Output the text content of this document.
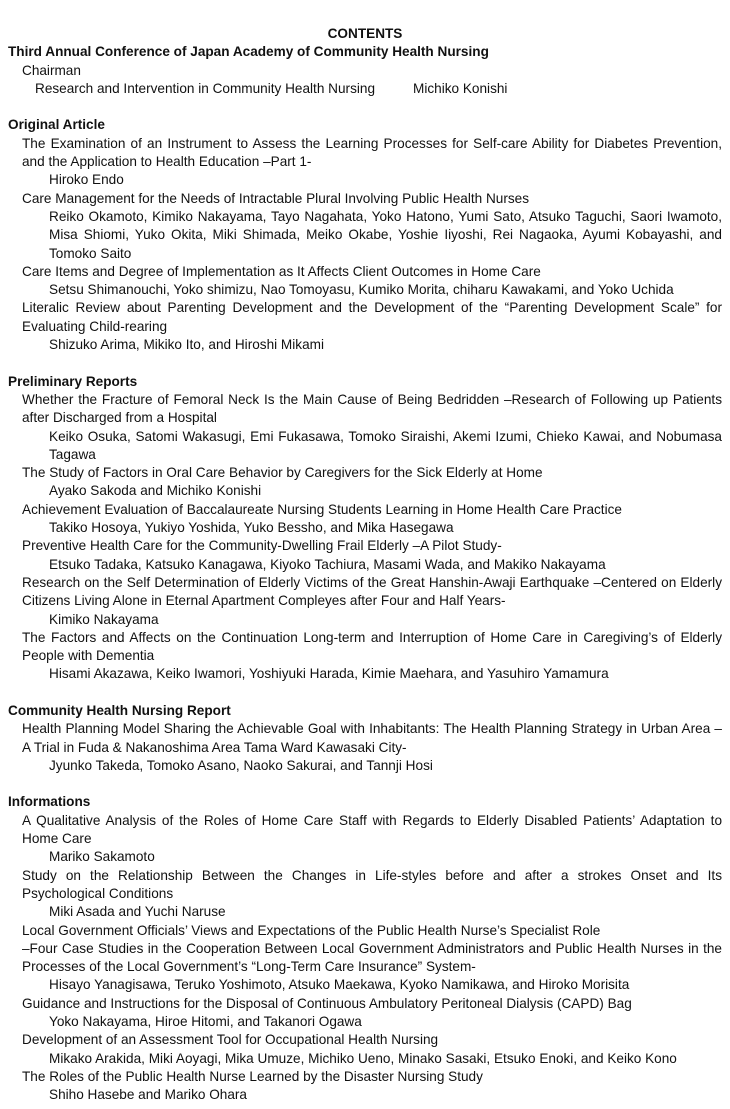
CONTENTS
Third Annual Conference of Japan Academy of Community Health Nursing
Chairman
Research and Intervention in Community Health Nursing	Michiko Konishi
Original Article
The Examination of an Instrument to Assess the Learning Processes for Self-care Ability for Diabetes Prevention, and the Application to Health Education –Part 1-
Hiroko Endo
Care Management for the Needs of Intractable Plural Involving Public Health Nurses
Reiko Okamoto, Kimiko Nakayama, Tayo Nagahata, Yoko Hatono, Yumi Sato, Atsuko Taguchi, Saori Iwamoto, Misa Shiomi, Yuko Okita, Miki Shimada, Meiko Okabe, Yoshie Iiyoshi, Rei Nagaoka, Ayumi Kobayashi, and Tomoko Saito
Care Items and Degree of Implementation as It Affects Client Outcomes in Home Care
Setsu Shimanouchi, Yoko shimizu, Nao Tomoyasu, Kumiko Morita, chiharu Kawakami, and Yoko Uchida
Literalic Review about Parenting Development and the Development of the “Parenting Development Scale” for Evaluating Child-rearing
Shizuko Arima, Mikiko Ito, and Hiroshi Mikami
Preliminary Reports
Whether the Fracture of Femoral Neck Is the Main Cause of Being Bedridden –Research of Following up Patients after Discharged from a Hospital
Keiko Osuka, Satomi Wakasugi, Emi Fukasawa, Tomoko Siraishi, Akemi Izumi, Chieko Kawai, and Nobumasa Tagawa
The Study of Factors in Oral Care Behavior by Caregivers for the Sick Elderly at Home
Ayako Sakoda and Michiko Konishi
Achievement Evaluation of Baccalaureate Nursing Students Learning in Home Health Care Practice
Takiko Hosoya, Yukiyo Yoshida, Yuko Bessho, and Mika Hasegawa
Preventive Health Care for the Community-Dwelling Frail Elderly –A Pilot Study-
Etsuko Tadaka, Katsuko Kanagawa, Kiyoko Tachiura, Masami Wada, and Makiko Nakayama
Research on the Self Determination of Elderly Victims of the Great Hanshin-Awaji Earthquake –Centered on Elderly Citizens Living Alone in Eternal Apartment Compleyes after Four and Half Years-
Kimiko Nakayama
The Factors and Affects on the Continuation Long-term and Interruption of Home Care in Caregiving’s of Elderly People with Dementia
Hisami Akazawa, Keiko Iwamori, Yoshiyuki Harada, Kimie Maehara, and Yasuhiro Yamamura
Community Health Nursing Report
Health Planning Model Sharing the Achievable Goal with Inhabitants: The Health Planning Strategy in Urban Area –A Trial in Fuda & Nakanoshima Area Tama Ward Kawasaki City-
Jyunko Takeda, Tomoko Asano, Naoko Sakurai, and Tannji Hosi
Informations
A Qualitative Analysis of the Roles of Home Care Staff with Regards to Elderly Disabled Patients’ Adaptation to Home Care
Mariko Sakamoto
Study on the Relationship Between the Changes in Life-styles before and after a strokes Onset and Its Psychological Conditions
Miki Asada and Yuchi Naruse
Local Government Officials’ Views and Expectations of the Public Health Nurse’s Specialist Role
–Four Case Studies in the Cooperation Between Local Government Administrators and Public Health Nurses in the Processes of the Local Government’s “Long-Term Care Insurance” System-
Hisayo Yanagisawa, Teruko Yoshimoto, Atsuko Maekawa, Kyoko Namikawa, and Hiroko Morisita
Guidance and Instructions for the Disposal of Continuous Ambulatory Peritoneal Dialysis (CAPD) Bag
Yoko Nakayama, Hiroe Hitomi, and Takanori Ogawa
Development of an Assessment Tool for Occupational Health Nursing
Mikako Arakida, Miki Aoyagi, Mika Umuze, Michiko Ueno, Minako Sasaki, Etsuko Enoki, and Keiko Kono
The Roles of the Public Health Nurse Learned by the Disaster Nursing Study
Shiho Hasebe and Mariko Ohara
